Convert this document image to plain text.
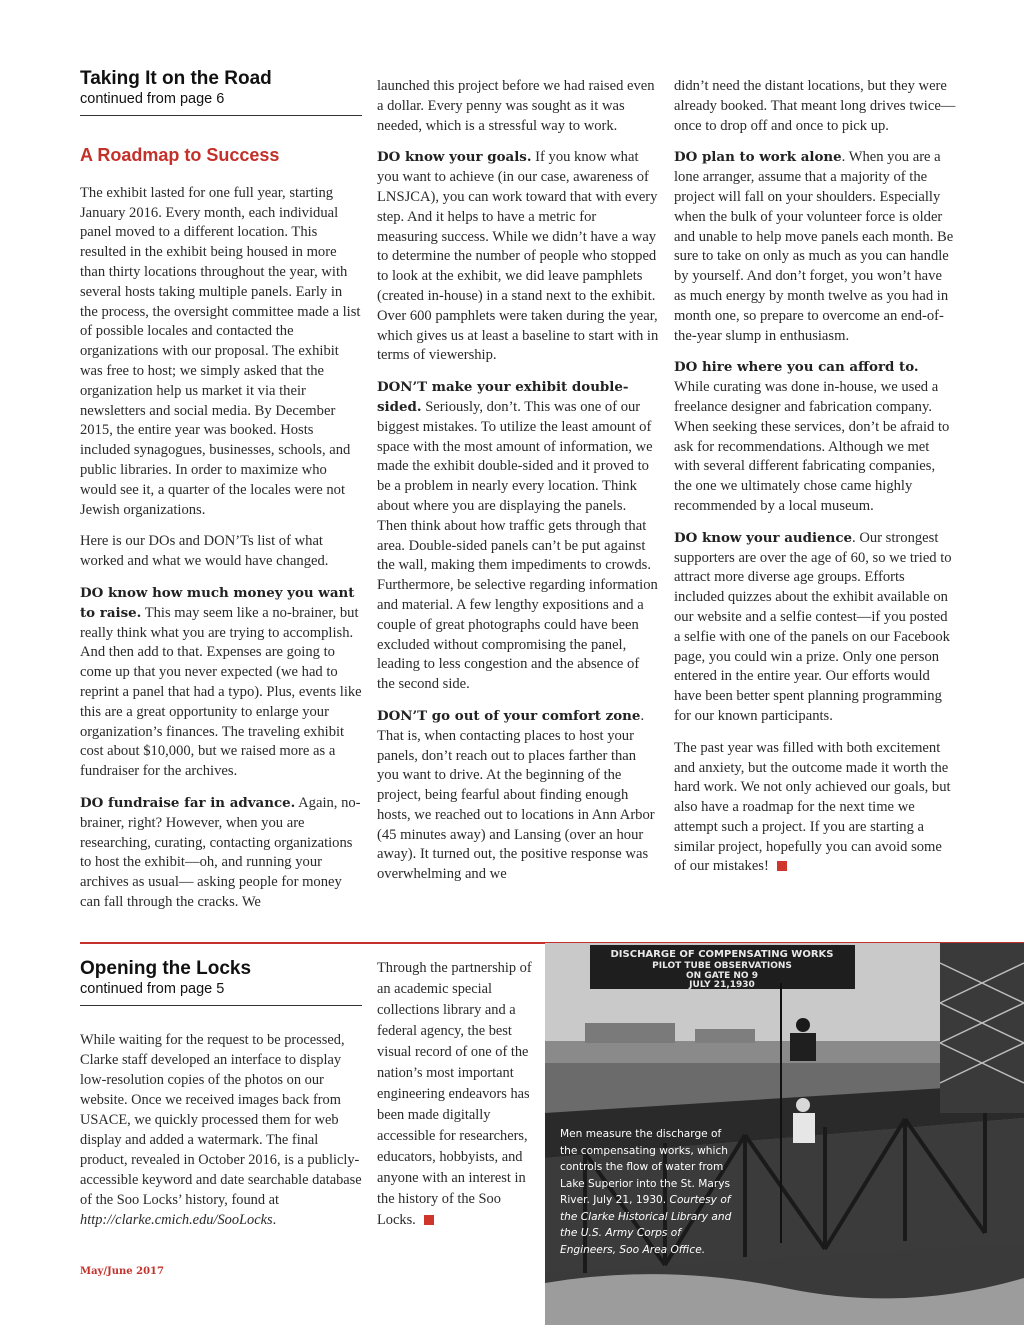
Taking It on the Road
continued from page 6
A Roadmap to Success

The exhibit lasted for one full year, starting January 2016. Every month, each individual panel moved to a different location. This resulted in the exhibit being housed in more than thirty locations throughout the year, with several hosts taking multiple panels. Early in the process, the oversight committee made a list of possible locales and contacted the organizations with our proposal. The exhibit was free to host; we simply asked that the organization help us market it via their newsletters and social media. By December 2015, the entire year was booked. Hosts included synagogues, businesses, schools, and public libraries. In order to maximize who would see it, a quarter of the locales were not Jewish organizations.

Here is our DOs and DON’Ts list of what worked and what we would have changed.

DO know how much money you want to raise. This may seem like a no-brainer, but really think what you are trying to accomplish. And then add to that. Expenses are going to come up that you never expected (we had to reprint a panel that had a typo). Plus, events like this are a great opportunity to enlarge your organization’s finances. The traveling exhibit cost about $10,000, but we raised more as a fundraiser for the archives.

DO fundraise far in advance. Again, no-brainer, right? However, when you are researching, curating, contacting organizations to host the exhibit—oh, and running your archives as usual— asking people for money can fall through the cracks. We

launched this project before we had raised even a dollar. Every penny was sought as it was needed, which is a stressful way to work.

DO know your goals. If you know what you want to achieve (in our case, awareness of LNSJCA), you can work toward that with every step. And it helps to have a metric for measuring success. While we didn’t have a way to determine the number of people who stopped to look at the exhibit, we did leave pamphlets (created in-house) in a stand next to the exhibit. Over 600 pamphlets were taken during the year, which gives us at least a baseline to start with in terms of viewership.

DON’T make your exhibit double-sided. Seriously, don’t. This was one of our biggest mistakes. To utilize the least amount of space with the most amount of information, we made the exhibit double-sided and it proved to be a problem in nearly every location. Think about where you are displaying the panels. Then think about how traffic gets through that area. Double-sided panels can’t be put against the wall, making them impediments to crowds. Furthermore, be selective regarding information and material. A few lengthy expositions and a couple of great photographs could have been excluded without compromising the panel, leading to less congestion and the absence of the second side.

DON’T go out of your comfort zone. That is, when contacting places to host your panels, don’t reach out to places farther than you want to drive. At the beginning of the project, being fearful about finding enough hosts, we reached out to locations in Ann Arbor (45 minutes away) and Lansing (over an hour away). It turned out, the positive response was overwhelming and we

didn’t need the distant locations, but they were already booked. That meant long drives twice—once to drop off and once to pick up.

DO plan to work alone. When you are a lone arranger, assume that a majority of the project will fall on your shoulders. Especially when the bulk of your volunteer force is older and unable to help move panels each month. Be sure to take on only as much as you can handle by yourself. And don’t forget, you won’t have as much energy by month twelve as you had in month one, so prepare to overcome an end-of-the-year slump in enthusiasm.

DO hire where you can afford to. While curating was done in-house, we used a freelance designer and fabrication company. When seeking these services, don’t be afraid to ask for recommendations. Although we met with several different fabricating companies, the one we ultimately chose came highly recommended by a local museum.

DO know your audience. Our strongest supporters are over the age of 60, so we tried to attract more diverse age groups. Efforts included quizzes about the exhibit available on our website and a selfie contest—if you posted a selfie with one of the panels on our Facebook page, you could win a prize. Only one person entered in the entire year. Our efforts would have been better spent planning programming for our known participants.

The past year was filled with both excitement and anxiety, but the outcome made it worth the hard work. We not only achieved our goals, but also have a roadmap for the next time we attempt such a project. If you are starting a similar project, hopefully you can avoid some of our mistakes!

Opening the Locks
continued from page 5

While waiting for the request to be processed, Clarke staff developed an interface to display low-resolution copies of the photos on our website. Once we received images back from USACE, we quickly processed them for web display and added a watermark. The final product, revealed in October 2016, is a publicly-accessible keyword and date searchable database of the Soo Locks’ history, found at http://clarke.cmich.edu/SooLocks.

Through the partnership of an academic special collections library and a federal agency, the best visual record of one of the nation’s most important engineering endeavors has been made digitally accessible for researchers, educators, hobbyists, and anyone with an interest in the history of the Soo Locks.

DISCHARGE OF COMPENSATING WORKS
PILOT TUBE OBSERVATIONS
ON GATE NO 9
JULY 21,1930
Men measure the discharge of the compensating works, which controls the flow of water from Lake Superior into the St. Marys River. July 21, 1930. Courtesy of the Clarke Historical Library and the U.S. Army Corps of Engineers, Soo Area Office.
May/June 2017
